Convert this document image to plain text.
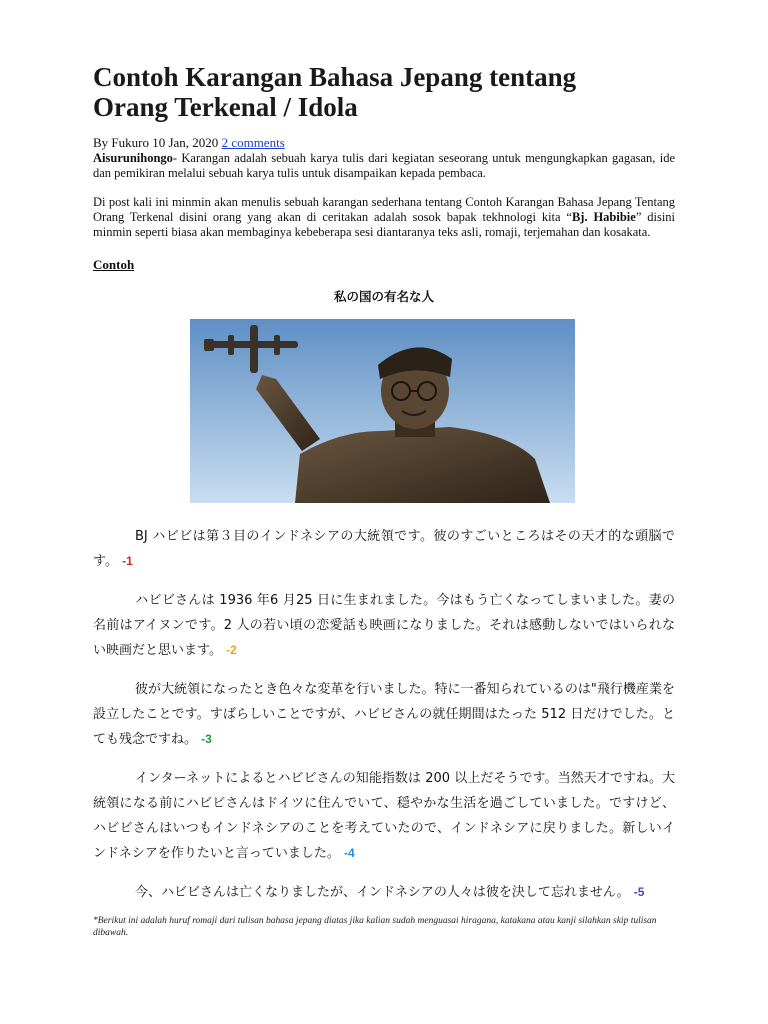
Contoh Karangan Bahasa Jepang tentang
Orang Terkenal / Idola
By Fukuro 10 Jan, 2020 2 comments

Aisurunihongo- Karangan adalah sebuah karya tulis dari kegiatan seseorang untuk mengungkapkan gagasan, ide dan pemikiran melalui sebuah karya tulis untuk disampaikan kepada pembaca.

Di post kali ini minmin akan menulis sebuah karangan sederhana tentang Contoh Karangan Bahasa Jepang Tentang Orang Terkenal disini orang yang akan di ceritakan adalah sosok bapak tekhnologi kita “Bj. Habibie” disini minmin seperti biasa akan membaginya kebeberapa sesi diantaranya teks asli, romaji, terjemahan dan kosakata.

Contoh
私の国の有名な人

BJ ハビビは第３目のインドネシアの大統領です。彼のすごいところはその天才的な頭脳です。 -1

ハビビさんは 1936 年6 月25 日に生まれました。今はもう亡くなってしまいました。妻の名前はアイヌンです。2 人の若い頃の恋愛話も映画になりました。それは感動しないではいられない映画だと思います。 -2

彼が大統領になったとき色々な変革を行いました。特に一番知られているのは"飛行機産業を設立したことです。すばらしいことですが、ハビビさんの就任期間はたった 512 日だけでした。とても残念ですね。 -3

インターネットによるとハビビさんの知能指数は 200 以上だそうです。当然天才ですね。大統領になる前にハビビさんはドイツに住んでいて、穏やかな生活を過ごしていました。ですけど、ハビビさんはいつもインドネシアのことを考えていたので、インドネシアに戻りました。新しいインドネシアを作りたいと言っていました。 -4

今、ハビビさんは亡くなりましたが、インドネシアの人々は彼を決して忘れません。 -5

*Berikut ini adalah huruf romaji dari tulisan bahasa jepang diatas jika kalian sudah menguasai hiragana, katakana atau kanji silahkan skip tulisan dibawah.
